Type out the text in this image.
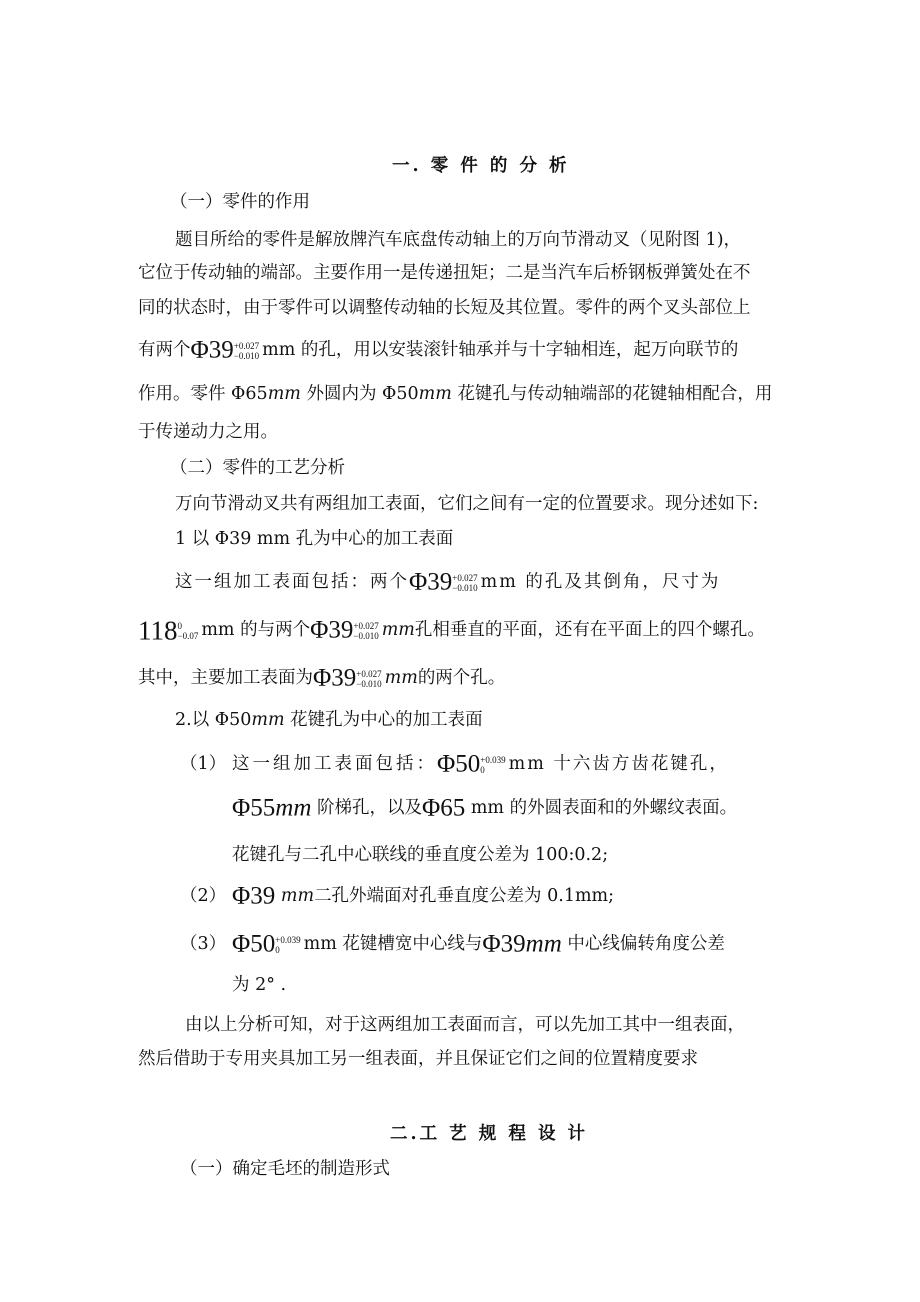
一. 零 件 的 分 析
（一）零件的作用
题目所给的零件是解放牌汽车底盘传动轴上的万向节滑动叉（见附图 1)，
它位于传动轴的端部。主要作用一是传递扭矩；二是当汽车后桥钢板弹簧处在不
同的状态时，由于零件可以调整传动轴的长短及其位置。零件的两个叉头部位上
有两个Φ39 +0.027
−0.010 mm 的孔，用以安装滚针轴承并与十字轴相连，起万向联节的
作用。零件 Φ65mm 外圆内为 Φ50mm 花键孔与传动轴端部的花键轴相配合，用
于传递动力之用。
（二）零件的工艺分析
万向节滑动叉共有两组加工表面，它们之间有一定的位置要求。现分述如下:
1 以 Φ39 mm 孔为中心的加工表面
这一组加工表面包括：两个Φ39 +0.027
−0.010 mm 的孔及其倒角，尺寸为
118 0
−0.07 mm 的与两个Φ39 +0.027
−0.010 mm孔相垂直的平面，还有在平面上的四个螺孔。
其中，主要加工表面为Φ39 +0.027
−0.010 mm的两个孔。
2.以 Φ50mm 花键孔为中心的加工表面
（1） 这一组加工表面包括：Φ50 +0.039
0	mm 十六齿方齿花键孔，
Φ55mm 阶梯孔，以及Φ65 mm 的外圆表面和的外螺纹表面。
花键孔与二孔中心联线的垂直度公差为 100:0.2;
（2） Φ39 mm二孔外端面对孔垂直度公差为 0.1mm;
（3） Φ50 +0.039
0	mm 花键槽宽中心线与Φ39mm 中心线偏转角度公差
为 2° .
由以上分析可知，对于这两组加工表面而言，可以先加工其中一组表面，
然后借助于专用夹具加工另一组表面，并且保证它们之间的位置精度要求
二.工 艺 规 程 设 计
（一）确定毛坯的制造形式
